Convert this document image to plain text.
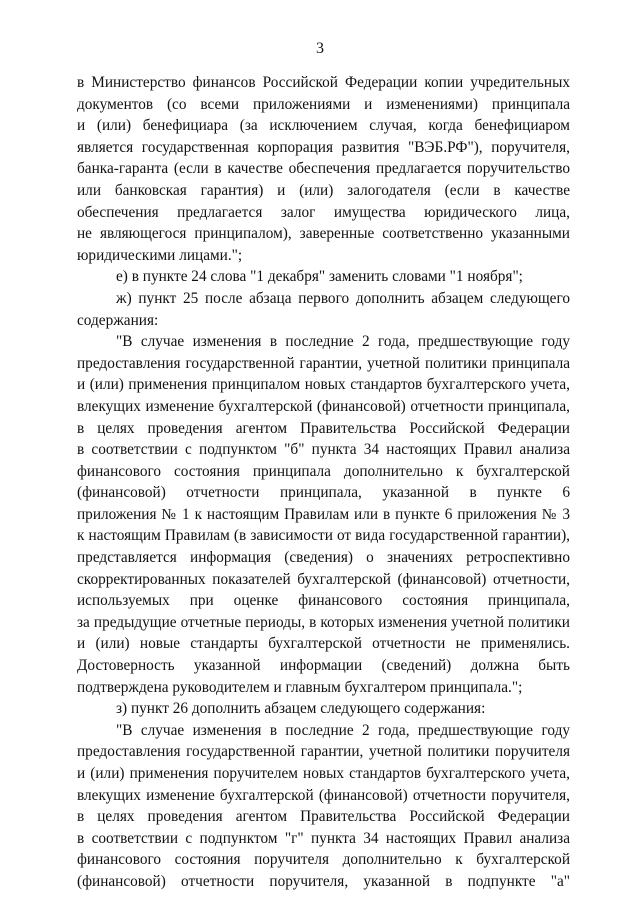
3
в Министерство финансов Российской Федерации копии учредительных
документов (со всеми приложениями и изменениями) принципала
и (или) бенефициара (за исключением случая, когда бенефициаром
является государственная корпорация развития "ВЭБ.РФ"), поручителя,
банка-гаранта (если в качестве обеспечения предлагается поручительство
или банковская гарантия) и (или) залогодателя (если в качестве
обеспечения предлагается залог имущества юридического лица,
не являющегося принципалом), заверенные соответственно указанными
юридическими лицами.";
е) в пункте 24 слова "1 декабря" заменить словами "1 ноября";
ж) пункт 25 после абзаца первого дополнить абзацем следующего
содержания:
"В случае изменения в последние 2 года, предшествующие году
предоставления государственной гарантии, учетной политики принципала
и (или) применения принципалом новых стандартов бухгалтерского учета,
влекущих изменение бухгалтерской (финансовой) отчетности принципала,
в целях проведения агентом Правительства Российской Федерации
в соответствии с подпунктом "б" пункта 34 настоящих Правил анализа
финансового состояния принципала дополнительно к бухгалтерской
(финансовой) отчетности принципала, указанной в пункте 6
приложения № 1 к настоящим Правилам или в пункте 6 приложения № 3
к настоящим Правилам (в зависимости от вида государственной гарантии),
представляется информация (сведения) о значениях ретроспективно
скорректированных показателей бухгалтерской (финансовой) отчетности,
используемых при оценке финансового состояния принципала,
за предыдущие отчетные периоды, в которых изменения учетной политики
и (или) новые стандарты бухгалтерской отчетности не применялись.
Достоверность указанной информации (сведений) должна быть
подтверждена руководителем и главным бухгалтером принципала.";
з) пункт 26 дополнить абзацем следующего содержания:
"В случае изменения в последние 2 года, предшествующие году
предоставления государственной гарантии, учетной политики поручителя
и (или) применения поручителем новых стандартов бухгалтерского учета,
влекущих изменение бухгалтерской (финансовой) отчетности поручителя,
в целях проведения агентом Правительства Российской Федерации
в соответствии с подпунктом "г" пункта 34 настоящих Правил анализа
финансового состояния поручителя дополнительно к бухгалтерской
(финансовой) отчетности поручителя, указанной в подпункте "а"
